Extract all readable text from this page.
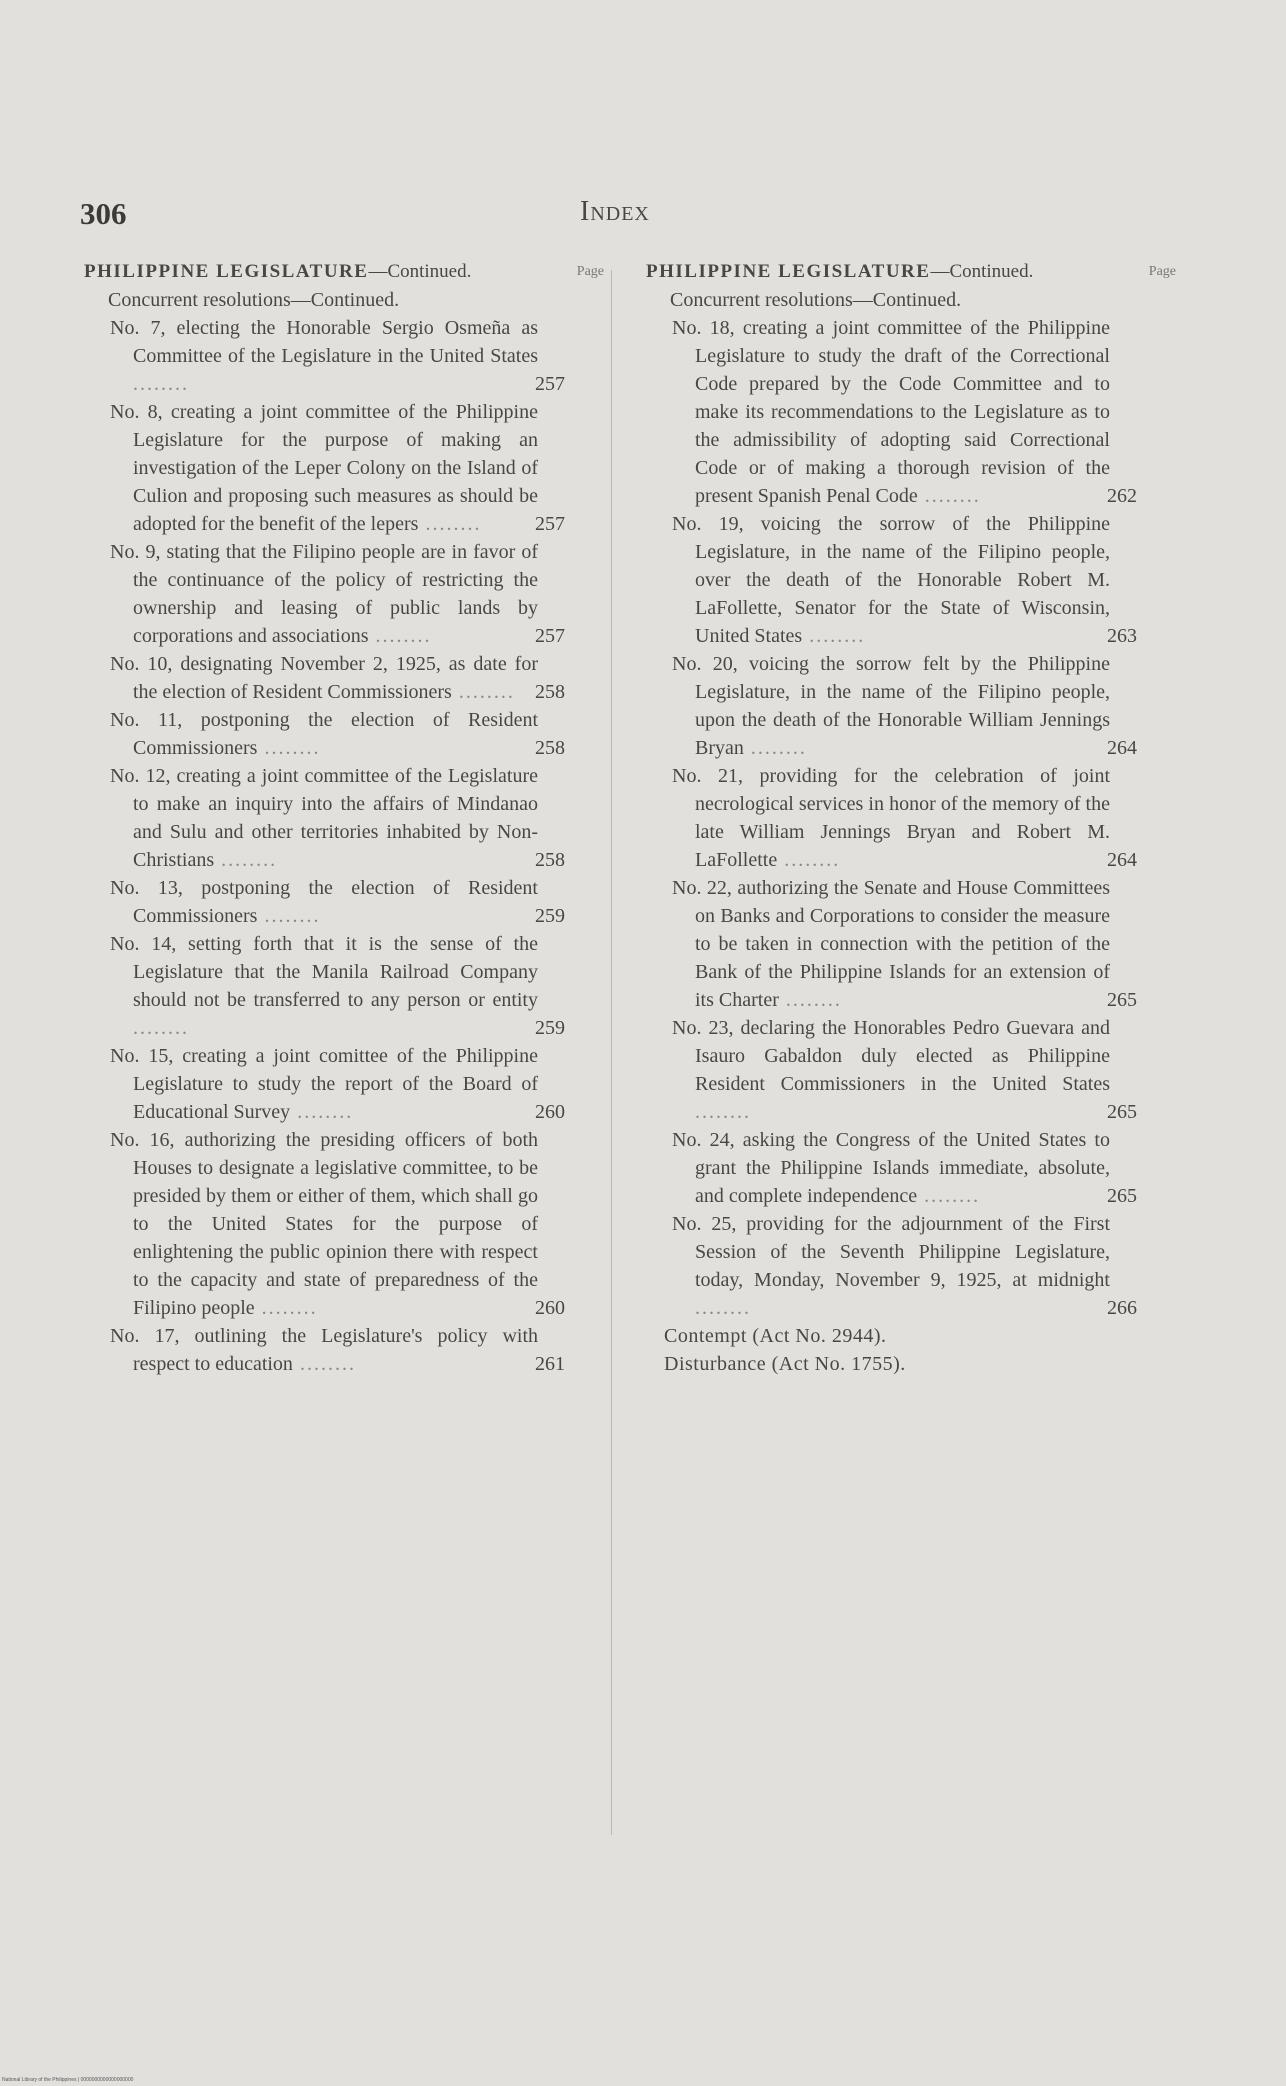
306	Index
PHILIPPINE LEGISLATURE—Continued.	Page
Concurrent resolutions—Continued.
No. 7, electing the Honorable Sergio Osmeña as Committee of the Legislature in the United States ........	257
No. 8, creating a joint committee of the Philippine Legislature for the purpose of making an investigation of the Leper Colony on the Island of Culion and proposing such measures as should be adopted for the benefit of the lepers ........	257
No. 9, stating that the Filipino people are in favor of the continuance of the policy of restricting the ownership and leasing of public lands by corporations and associations ........	257
No. 10, designating November 2, 1925, as date for the election of Resident Commissioners ........ 258
No. 11, postponing the election of Resident Commissioners ........	258
No. 12, creating a joint committee of the Legislature to make an inquiry into the affairs of Mindanao and Sulu and other territories inhabited by Non-Christians ........	258
No. 13, postponing the election of Resident Commissioners ........	259
No. 14, setting forth that it is the sense of the Legislature that the Manila Railroad Company should not be transferred to any person or entity ........	259
No. 15, creating a joint comittee of the Philippine Legislature to study the report of the Board of Educational Survey ........	260
No. 16, authorizing the presiding officers of both Houses to designate a legislative committee, to be presided by them or either of them, which shall go to the United States for the purpose of enlightening the public opinion there with respect to the capacity and state of preparedness of the Filipino people ........	260
No. 17, outlining the Legislature's policy with respect to education ........	261
PHILIPPINE LEGISLATURE—Continued.	Page
Concurrent resolutions—Continued.
No. 18, creating a joint committee of the Philippine Legislature to study the draft of the Correctional Code prepared by the Code Committee and to make its recommendations to the Legislature as to the admissibility of adopting said Correctional Code or of making a thorough revision of the present Spanish Penal Code ........	262
No. 19, voicing the sorrow of the Philippine Legislature, in the name of the Filipino people, over the death of the Honorable Robert M. LaFollette, Senator for the State of Wisconsin, United States ........	263
No. 20, voicing the sorrow felt by the Philippine Legislature, in the name of the Filipino people, upon the death of the Honorable William Jennings Bryan ........	264
No. 21, providing for the celebration of joint necrological services in honor of the memory of the late William Jennings Bryan and Robert M. LaFollette ........	264
No. 22, authorizing the Senate and House Committees on Banks and Corporations to consider the measure to be taken in connection with the petition of the Bank of the Philippine Islands for an extension of its Charter ........	265
No. 23, declaring the Honorables Pedro Guevara and Isauro Gabaldon duly elected as Philippine Resident Commissioners in the United States ........	265
No. 24, asking the Congress of the United States to grant the Philippine Islands immediate, absolute, and complete independence ........	265
No. 25, providing for the adjournment of the First Session of the Seventh Philippine Legislature, today, Monday, November 9, 1925, at midnight ........	266
Contempt (Act No. 2944).
Disturbance (Act No. 1755).
National Library of the Philippines | 0000000000000000000
